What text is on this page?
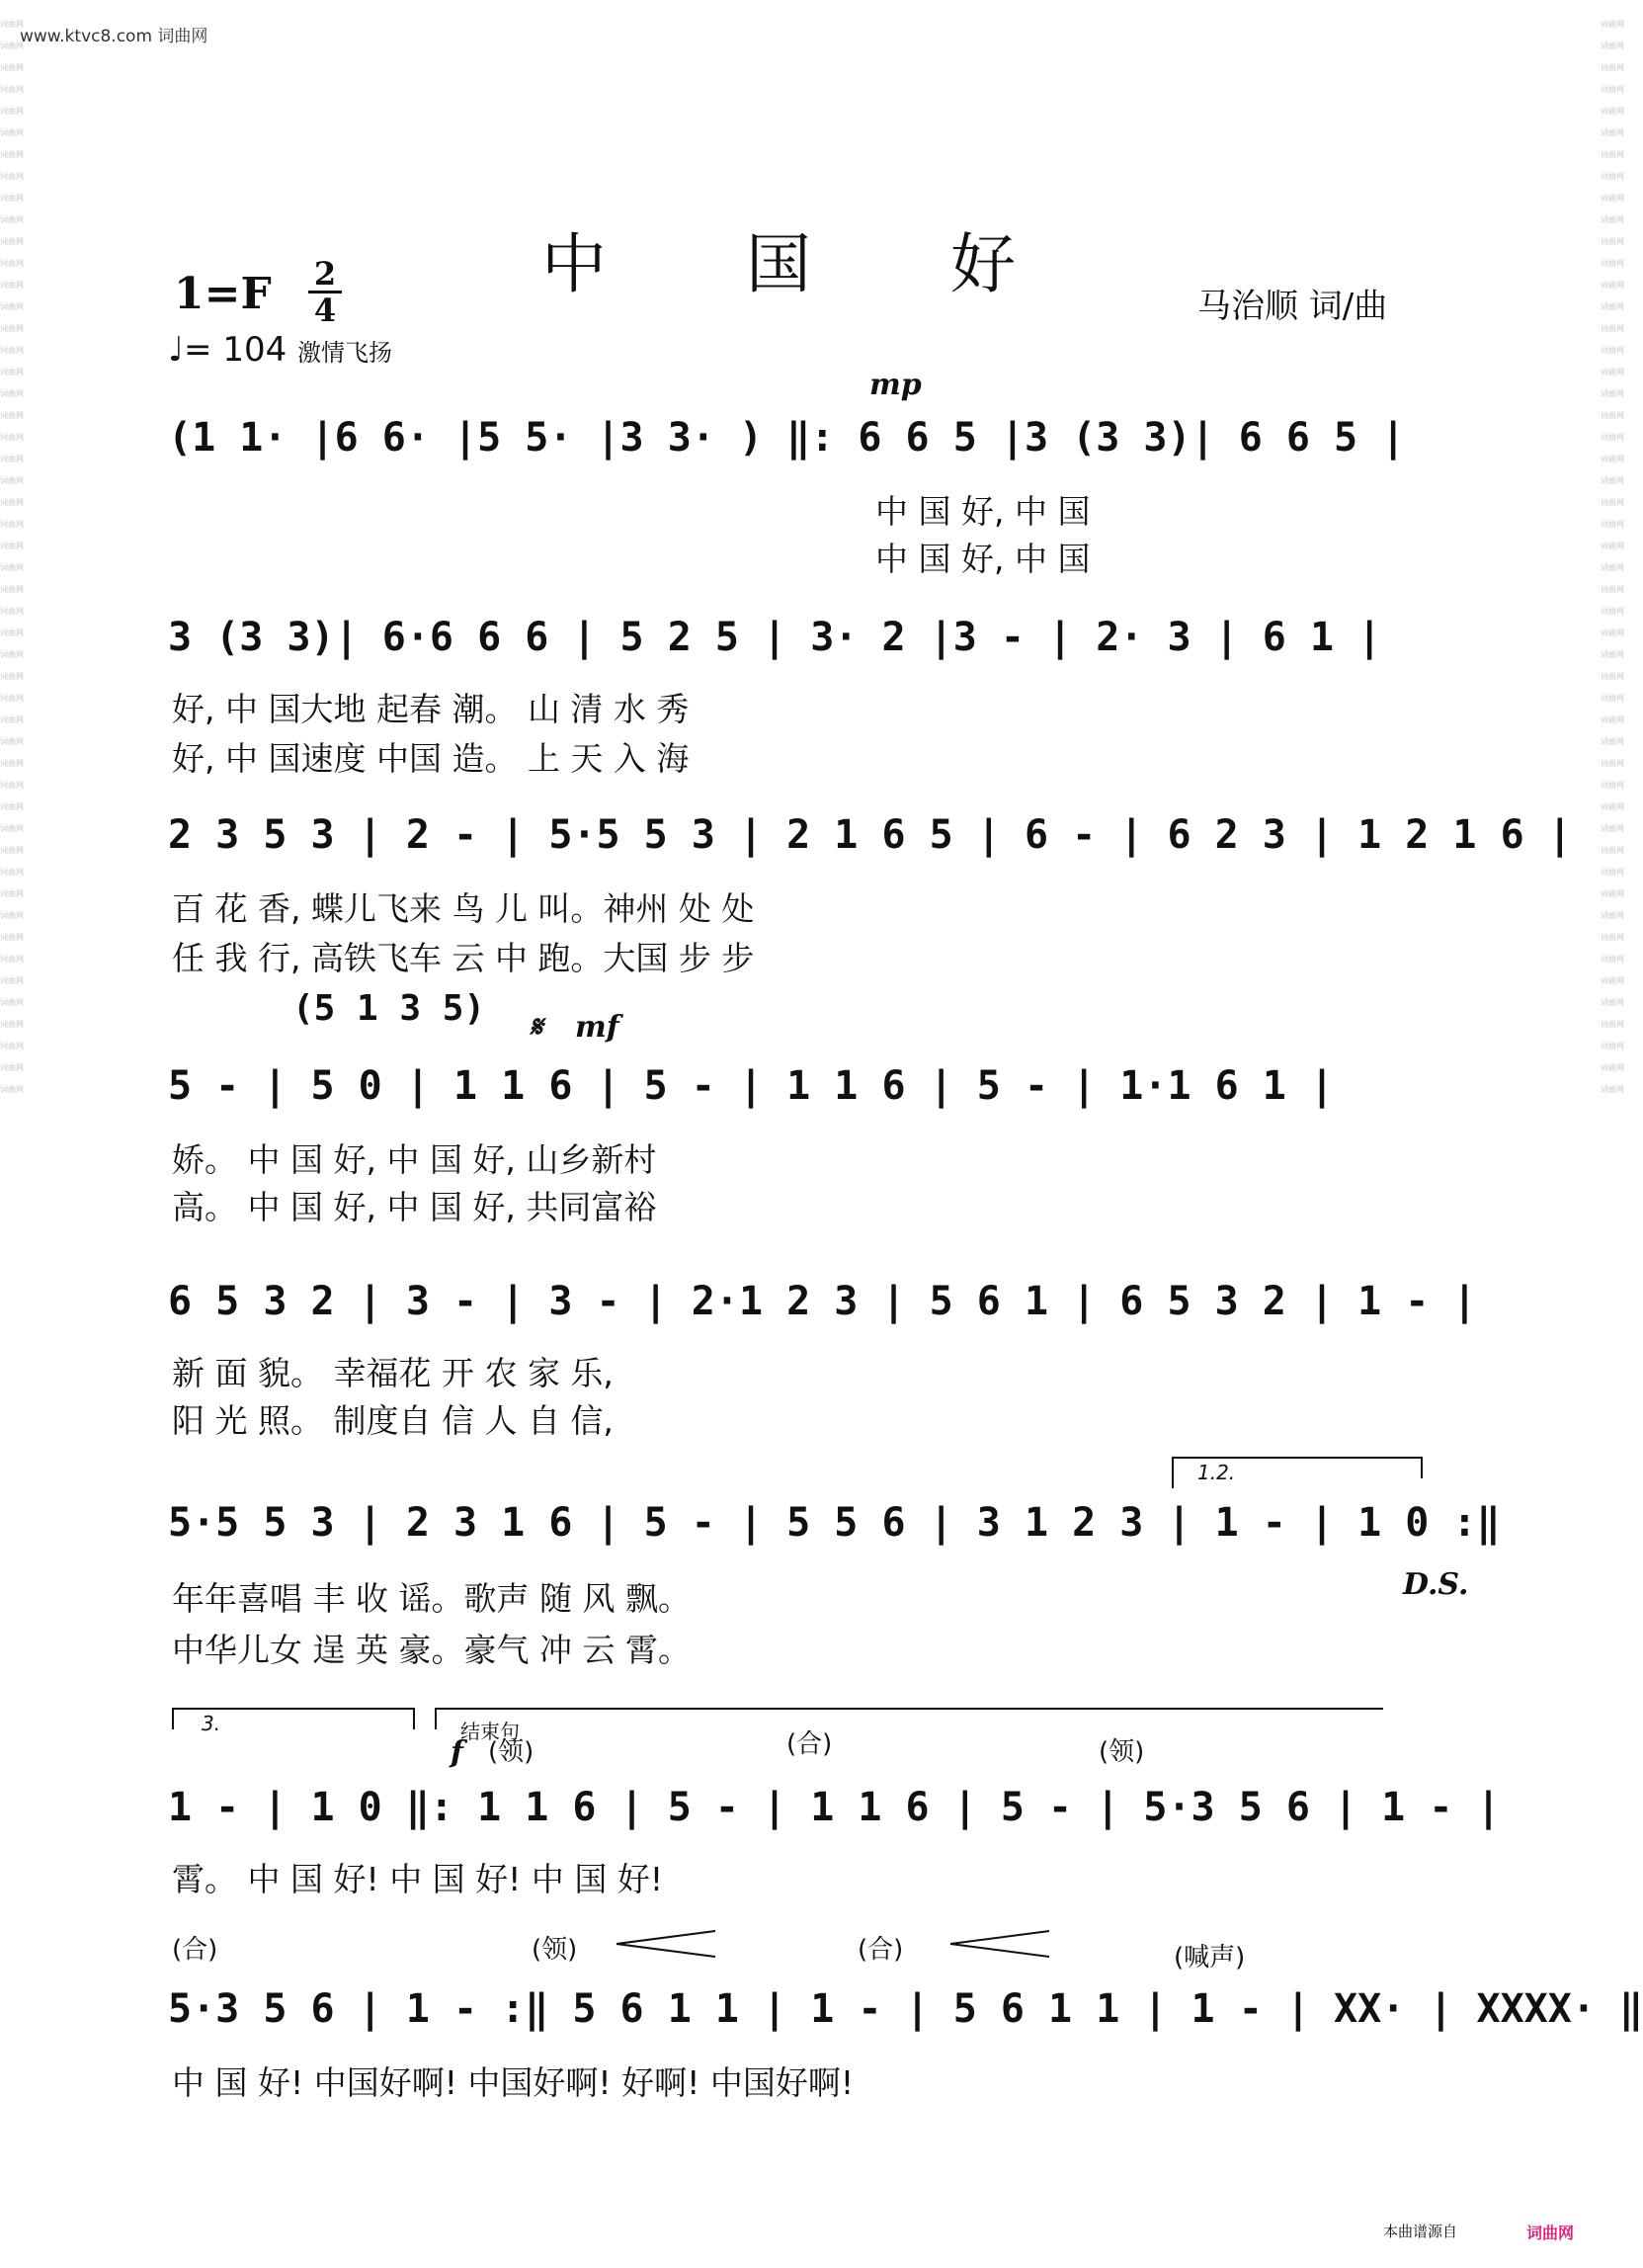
www.ktvc8.com 词曲网
词曲网
词曲网
词曲网
词曲网
词曲网
词曲网
词曲网
词曲网
词曲网
词曲网
词曲网
词曲网
词曲网
词曲网
词曲网
词曲网
词曲网
词曲网
词曲网
词曲网
词曲网
词曲网
词曲网
词曲网
词曲网
词曲网
词曲网
词曲网
词曲网
词曲网
词曲网
词曲网
词曲网
词曲网
词曲网
词曲网
词曲网
词曲网
词曲网
词曲网
词曲网
词曲网
词曲网
词曲网
词曲网
词曲网
词曲网
词曲网
词曲网
词曲网
词曲网
词曲网
词曲网
词曲网
词曲网
词曲网
词曲网
词曲网
词曲网
词曲网
词曲网
词曲网
词曲网
词曲网
词曲网
词曲网
词曲网
词曲网
词曲网
词曲网
词曲网
词曲网
词曲网
词曲网
词曲网
词曲网
词曲网
词曲网
词曲网
词曲网
词曲网
词曲网
词曲网
词曲网
词曲网
词曲网
词曲网
词曲网
词曲网
词曲网
词曲网
词曲网
词曲网
词曲网
词曲网
词曲网
词曲网
词曲网
词曲网
词曲网
中 国 好
1=F 2
4
♩= 104 激情飞扬
马治顺 词/曲
mp
(1 1· |6 6· |5 5· |3 3· ) ‖: 6 6 5 |3 (3 3)| 6 6 5 |
中 国 好, 中 国
中 国 好, 中 国
3 (3 3)| 6·6 6 6 | 5 2 5 | 3· 2 |3 - | 2· 3 | 6 1 |
好, 中 国大地 起春 潮。 山 清 水 秀
好, 中 国速度 中国 造。 上 天 入 海
2 3 5 3 | 2 - | 5·5 5 3 | 2 1 6 5 | 6 - | 6 2 3 | 1 2 1 6 |
百 花 香, 蝶儿飞来 鸟 儿 叫。神州 处 处
任 我 行, 高铁飞车 云 中 跑。大国 步 步
(5 1 3 5) 𝄋 mf
5 - | 5 0 | 1 1 6 | 5 - | 1 1 6 | 5 - | 1·1 6 1 |
娇。 中 国 好, 中 国 好, 山乡新村
高。 中 国 好, 中 国 好, 共同富裕
6 5 3 2 | 3 - | 3 - | 2·1 2 3 | 5 6 1 | 6 5 3 2 | 1 - |
新 面 貌。 幸福花 开 农 家 乐,
阳 光 照。 制度自 信 人 自 信,
1.2.
5·5 5 3 | 2 3 1 6 | 5 - | 5 5 6 | 3 1 2 3 | 1 - | 1 0 :‖
D.S.
年年喜唱 丰 收 谣。歌声 随 风 飘。
中华儿女 逞 英 豪。豪气 冲 云 霄。
3.	结束句
f (领)	(合)	(领)
1 - | 1 0 ‖: 1 1 6 | 5 - | 1 1 6 | 5 - | 5·3 5 6 | 1 - |
霄。 中 国 好! 中 国 好! 中 国 好!
(合)	(领)	(合)	(喊声)
5·3 5 6 | 1 - :‖ 5 6 1 1 | 1 - | 5 6 1 1 | 1 - | XX· | XXXX· ‖
中 国 好! 中国好啊! 中国好啊! 好啊! 中国好啊!
本曲谱源自	词曲网
